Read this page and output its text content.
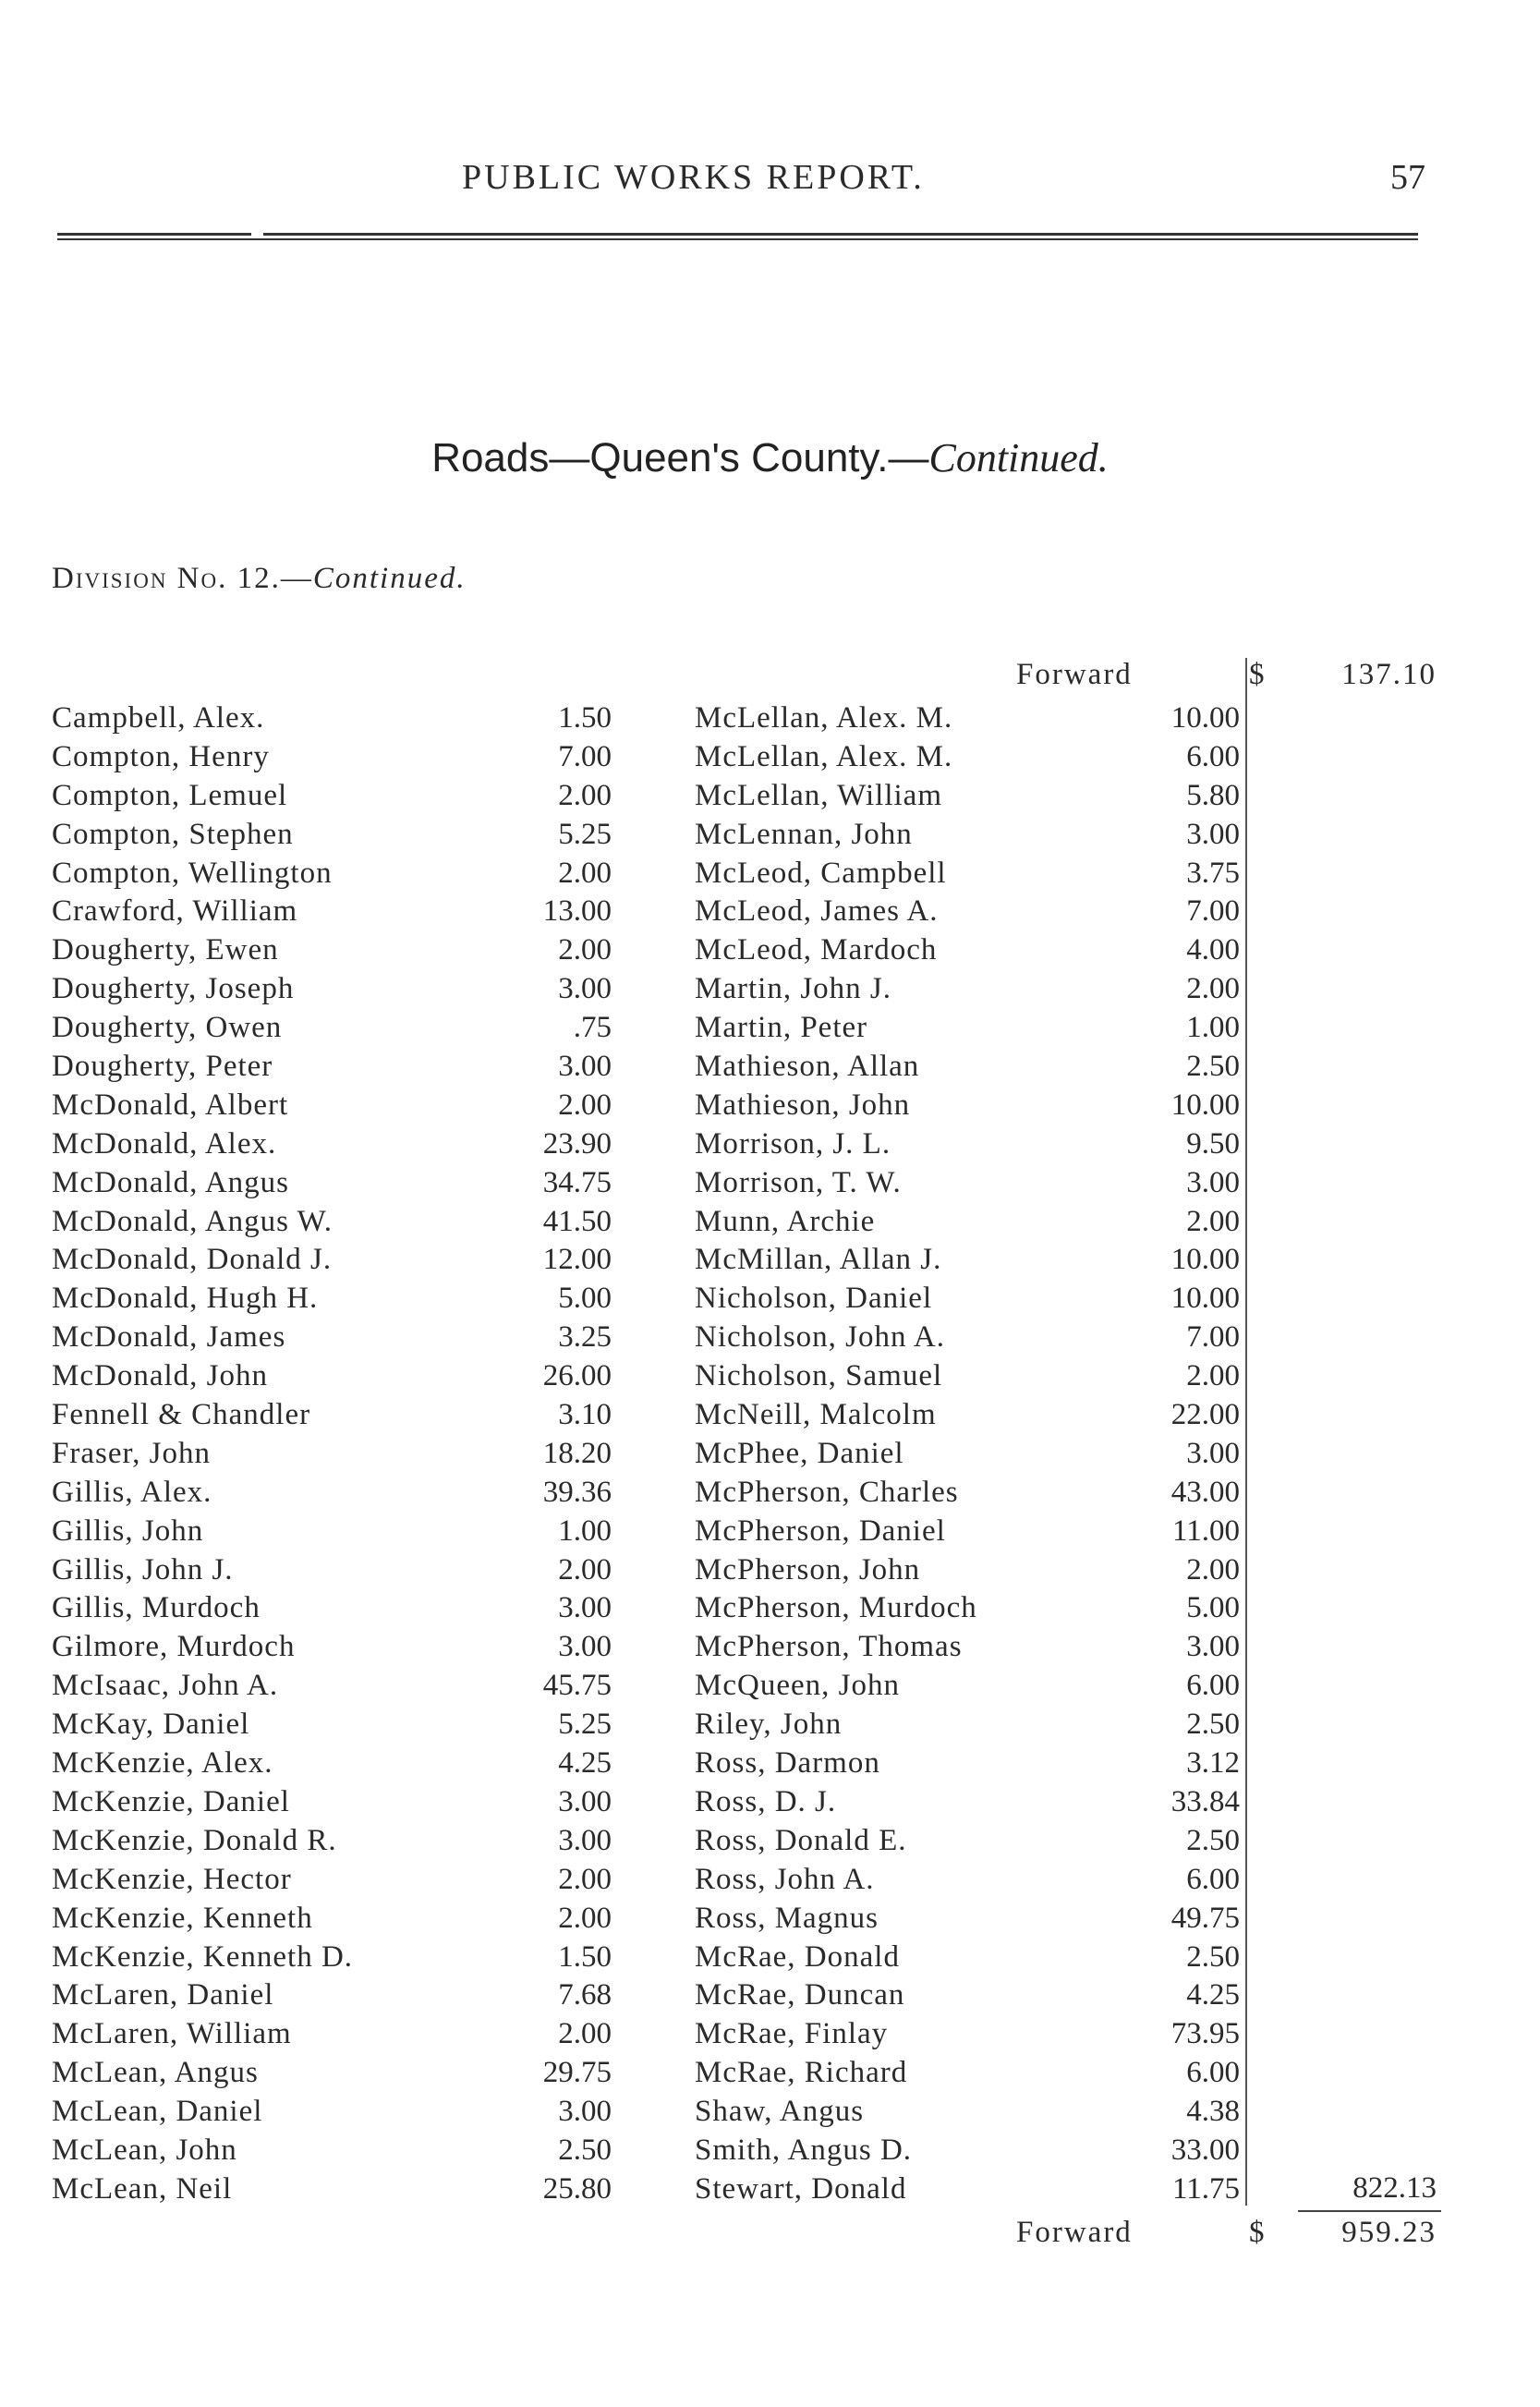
PUBLIC WORKS REPORT.	57
Roads—Queen's County.—Continued.
Division No. 12.—Continued.
Forward	$	137.10
Campbell, Alex.	1.50
Compton, Henry	7.00
Compton, Lemuel	2.00
Compton, Stephen	5.25
Compton, Wellington	2.00
Crawford, William	13.00
Dougherty, Ewen	2.00
Dougherty, Joseph	3.00
Dougherty, Owen	.75
Dougherty, Peter	3.00
McDonald, Albert	2.00
McDonald, Alex.	23.90
McDonald, Angus	34.75
McDonald, Angus W.	41.50
McDonald, Donald J.	12.00
McDonald, Hugh H.	5.00
McDonald, James	3.25
McDonald, John	26.00
Fennell & Chandler	3.10
Fraser, John	18.20
Gillis, Alex.	39.36
Gillis, John	1.00
Gillis, John J.	2.00
Gillis, Murdoch	3.00
Gilmore, Murdoch	3.00
McIsaac, John A.	45.75
McKay, Daniel	5.25
McKenzie, Alex.	4.25
McKenzie, Daniel	3.00
McKenzie, Donald R.	3.00
McKenzie, Hector	2.00
McKenzie, Kenneth	2.00
McKenzie, Kenneth D.	1.50
McLaren, Daniel	7.68
McLaren, William	2.00
McLean, Angus	29.75
McLean, Daniel	3.00
McLean, John	2.50
McLean, Neil	25.80
McLellan, Alex. M.	10.00
McLellan, Alex. M.	6.00
McLellan, William	5.80
McLennan, John	3.00
McLeod, Campbell	3.75
McLeod, James A.	7.00
McLeod, Mardoch	4.00
Martin, John J.	2.00
Martin, Peter	1.00
Mathieson, Allan	2.50
Mathieson, John	10.00
Morrison, J. L.	9.50
Morrison, T. W.	3.00
Munn, Archie	2.00
McMillan, Allan J.	10.00
Nicholson, Daniel	10.00
Nicholson, John A.	7.00
Nicholson, Samuel	2.00
McNeill, Malcolm	22.00
McPhee, Daniel	3.00
McPherson, Charles	43.00
McPherson, Daniel	11.00
McPherson, John	2.00
McPherson, Murdoch	5.00
McPherson, Thomas	3.00
McQueen, John	6.00
Riley, John	2.50
Ross, Darmon	3.12
Ross, D. J.	33.84
Ross, Donald E.	2.50
Ross, John A.	6.00
Ross, Magnus	49.75
McRae, Donald	2.50
McRae, Duncan	4.25
McRae, Finlay	73.95
McRae, Richard	6.00
Shaw, Angus	4.38
Smith, Angus D.	33.00
Stewart, Donald	11.75	822.13
Forward	$	959.23
